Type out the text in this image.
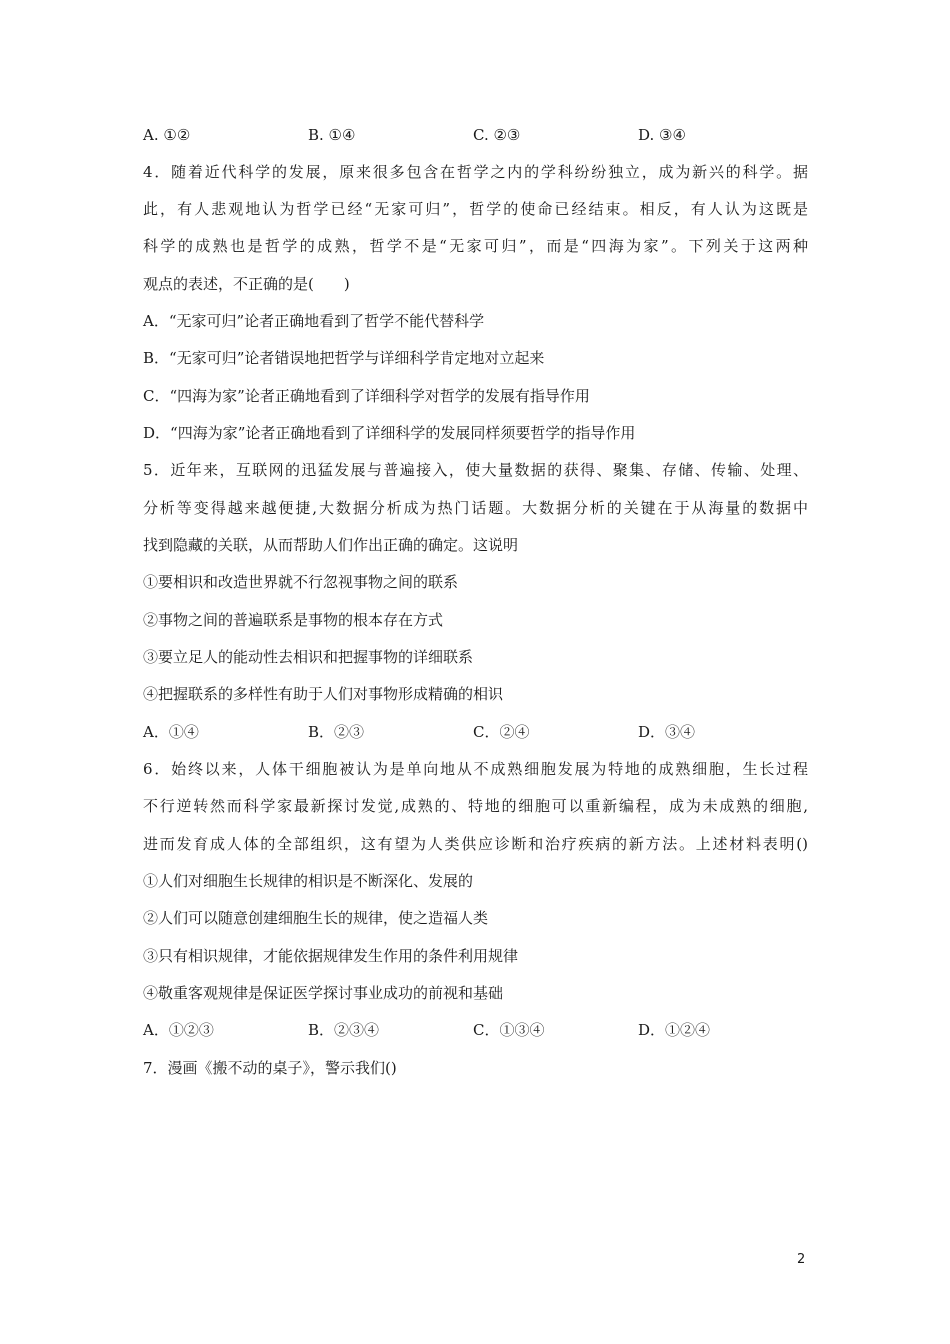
A. ①②	B. ①④	C. ②③	D. ③④
4．随着近代科学的发展，原来很多包含在哲学之内的学科纷纷独立，成为新兴的科学。据
此，有人悲观地认为哲学已经“无家可归”，哲学的使命已经结束。相反，有人认为这既是
科学的成熟也是哲学的成熟，哲学不是“无家可归”，而是“四海为家”。下列关于这两种
观点的表述，不正确的是(　　)
A．“无家可归”论者正确地看到了哲学不能代替科学
B．“无家可归”论者错误地把哲学与详细科学肯定地对立起来
C．“四海为家”论者正确地看到了详细科学对哲学的发展有指导作用
D．“四海为家”论者正确地看到了详细科学的发展同样须要哲学的指导作用
5．近年来，互联网的迅猛发展与普遍接入，使大量数据的获得、聚集、存储、传输、处理、
分析等变得越来越便捷,大数据分析成为热门话题。大数据分析的关键在于从海量的数据中
找到隐藏的关联，从而帮助人们作出正确的确定。这说明
①要相识和改造世界就不行忽视事物之间的联系
②事物之间的普遍联系是事物的根本存在方式
③要立足人的能动性去相识和把握事物的详细联系
④把握联系的多样性有助于人们对事物形成精确的相识
A．①④	B．②③	C．②④	D．③④
6．始终以来，人体干细胞被认为是单向地从不成熟细胞发展为特地的成熟细胞，生长过程
不行逆转然而科学家最新探讨发觉,成熟的、特地的细胞可以重新编程，成为未成熟的细胞,
进而发育成人体的全部组织，这有望为人类供应诊断和治疗疾病的新方法。上述材料表明()
①人们对细胞生长规律的相识是不断深化、发展的
②人们可以随意创建细胞生长的规律，使之造福人类
③只有相识规律，才能依据规律发生作用的条件利用规律
④敬重客观规律是保证医学探讨事业成功的前视和基础
A．①②③	B．②③④	C．①③④	D．①②④
7．漫画《搬不动的桌子》，警示我们()
2
